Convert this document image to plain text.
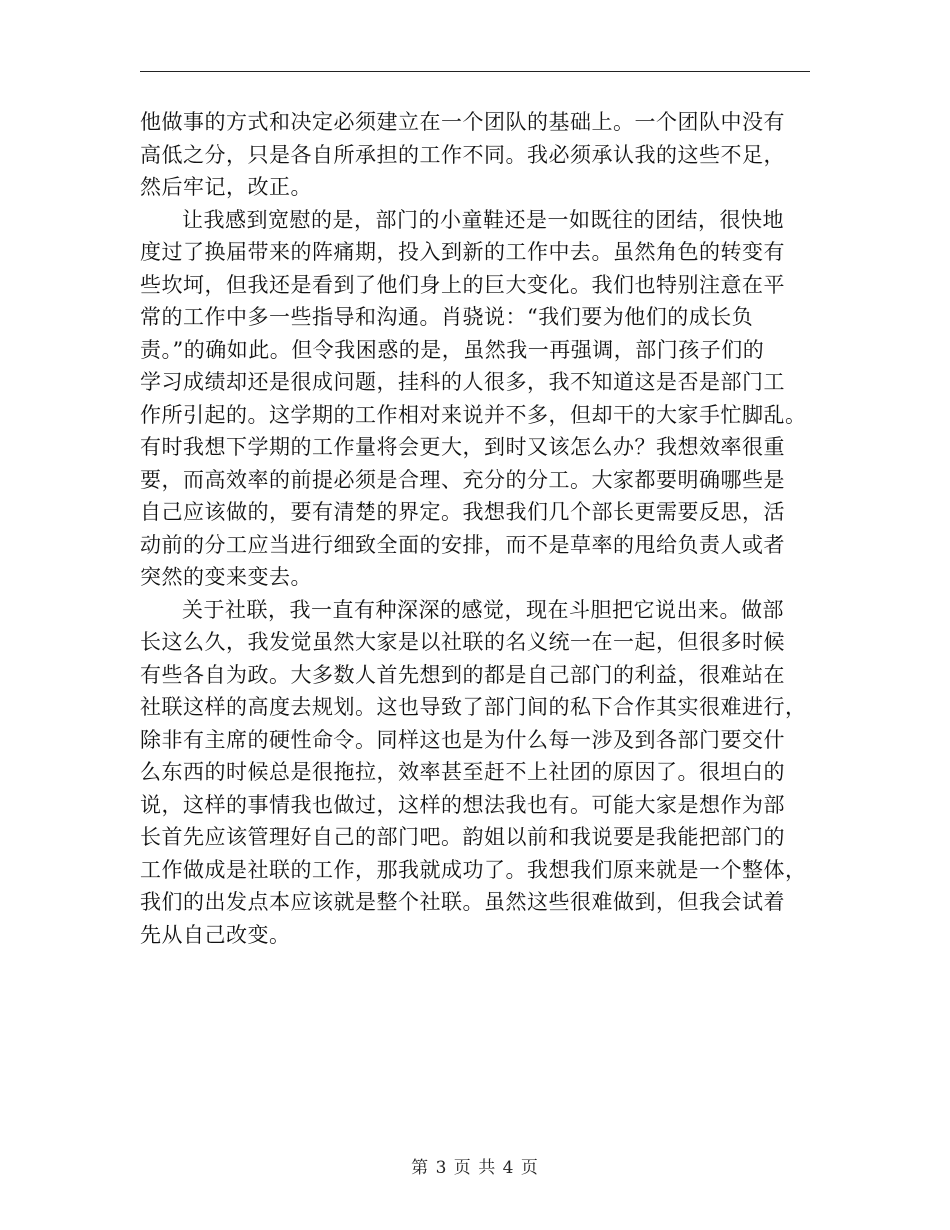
他做事的方式和决定必须建立在一个团队的基础上。一个团队中没有
高低之分，只是各自所承担的工作不同。我必须承认我的这些不足，
然后牢记，改正。
让我感到宽慰的是，部门的小童鞋还是一如既往的团结，很快地
度过了换届带来的阵痛期，投入到新的工作中去。虽然角色的转变有
些坎坷，但我还是看到了他们身上的巨大变化。我们也特别注意在平
常的工作中多一些指导和沟通。肖骁说：“我们要为他们的成长负
责。”的确如此。但令我困惑的是，虽然我一再强调，部门孩子们的
学习成绩却还是很成问题，挂科的人很多，我不知道这是否是部门工
作所引起的。这学期的工作相对来说并不多，但却干的大家手忙脚乱。
有时我想下学期的工作量将会更大，到时又该怎么办？我想效率很重
要，而高效率的前提必须是合理、充分的分工。大家都要明确哪些是
自己应该做的，要有清楚的界定。我想我们几个部长更需要反思，活
动前的分工应当进行细致全面的安排，而不是草率的甩给负责人或者
突然的变来变去。
关于社联，我一直有种深深的感觉，现在斗胆把它说出来。做部
长这么久，我发觉虽然大家是以社联的名义统一在一起，但很多时候
有些各自为政。大多数人首先想到的都是自己部门的利益，很难站在
社联这样的高度去规划。这也导致了部门间的私下合作其实很难进行，
除非有主席的硬性命令。同样这也是为什么每一涉及到各部门要交什
么东西的时候总是很拖拉，效率甚至赶不上社团的原因了。很坦白的
说，这样的事情我也做过，这样的想法我也有。可能大家是想作为部
长首先应该管理好自己的部门吧。韵姐以前和我说要是我能把部门的
工作做成是社联的工作，那我就成功了。我想我们原来就是一个整体，
我们的出发点本应该就是整个社联。虽然这些很难做到，但我会试着
先从自己改变。
第 3 页 共 4 页
